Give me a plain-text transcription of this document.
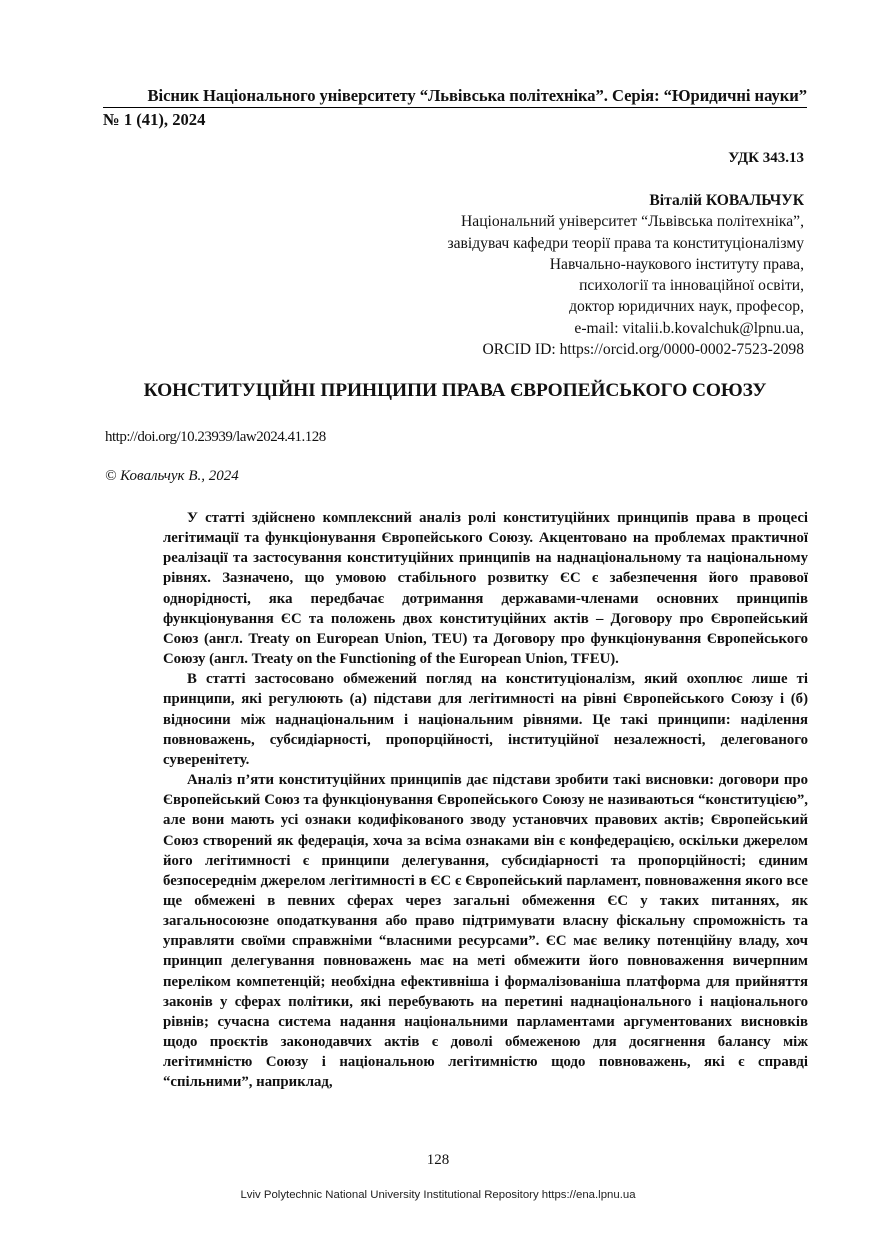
Вісник Національного університету “Львівська політехніка”. Серія: “Юридичні науки”
№ 1 (41), 2024
УДК 343.13
Віталій КОВАЛЬЧУК
Національний університет “Львівська політехніка”,
завідувач кафедри теорії права та конституціоналізму
Навчально-наукового інституту права,
психології та інноваційної освіти,
доктор юридичних наук, професор,
e-mail: vitalii.b.kovalchuk@lpnu.ua,
ORCID ID: https://orcid.org/0000-0002-7523-2098
КОНСТИТУЦІЙНІ ПРИНЦИПИ ПРАВА ЄВРОПЕЙСЬКОГО СОЮЗУ
http://doi.org/10.23939/law2024.41.128
© Ковальчук В., 2024

У статті здійснено комплексний аналіз ролі конституційних принципів права в процесі легітимації та функціонування Європейського Союзу. Акцентовано на проблемах практичної реалізації та застосування конституційних принципів на наднаціональному та національному рівнях. Зазначено, що умовою стабільного розвитку ЄС є забезпечення його правової однорідності, яка передбачає дотримання державами-членами основних принципів функціонування ЄС та положень двох конституційних актів – Договору про Європейський Союз (англ. Treaty on European Union, TEU) та Договору про функціонування Європейського Союзу (англ. Treaty on the Functioning of the European Union, TFEU).

В статті застосовано обмежений погляд на конституціоналізм, який охоплює лише ті принципи, які регулюють (а) підстави для легітимності на рівні Європейського Союзу і (б) відносини між наднаціональним і національним рівнями. Це такі принципи: наділення повноважень, субсидіарності, пропорційності, інституційної незалежності, делегованого суверенітету.

Аналіз п’яти конституційних принципів дає підстави зробити такі висновки: договори про Європейський Союз та функціонування Європейського Союзу не називаються “конституцією”, але вони мають усі ознаки кодифікованого зводу установчих правових актів; Європейський Союз створений як федерація, хоча за всіма ознаками він є конфедерацією, оскільки джерелом його легітимності є принципи делегування, субсидіарності та пропорційності; єдиним безпосереднім джерелом легітимності в ЄС є Європейський парламент, повноваження якого все ще обмежені в певних сферах через загальні обмеження ЄС у таких питаннях, як загальносоюзне оподаткування або право підтримувати власну фіскальну спроможність та управляти своїми справжніми “власними ресурсами”. ЄС має велику потенційну владу, хоч принцип делегування повноважень має на меті обмежити його повноваження вичерпним переліком компетенцій; необхідна ефективніша і формалізованіша платформа для прийняття законів у сферах політики, які перебувають на перетині наднаціонального і національного рівнів; сучасна система надання національними парламентами аргументованих висновків щодо проєктів законодавчих актів є доволі обмеженою для досягнення балансу між легітимністю Союзу і національною легітимністю щодо повноважень, які є справді “спільними”, наприклад,

128
Lviv Polytechnic National University Institutional Repository https://ena.lpnu.ua
